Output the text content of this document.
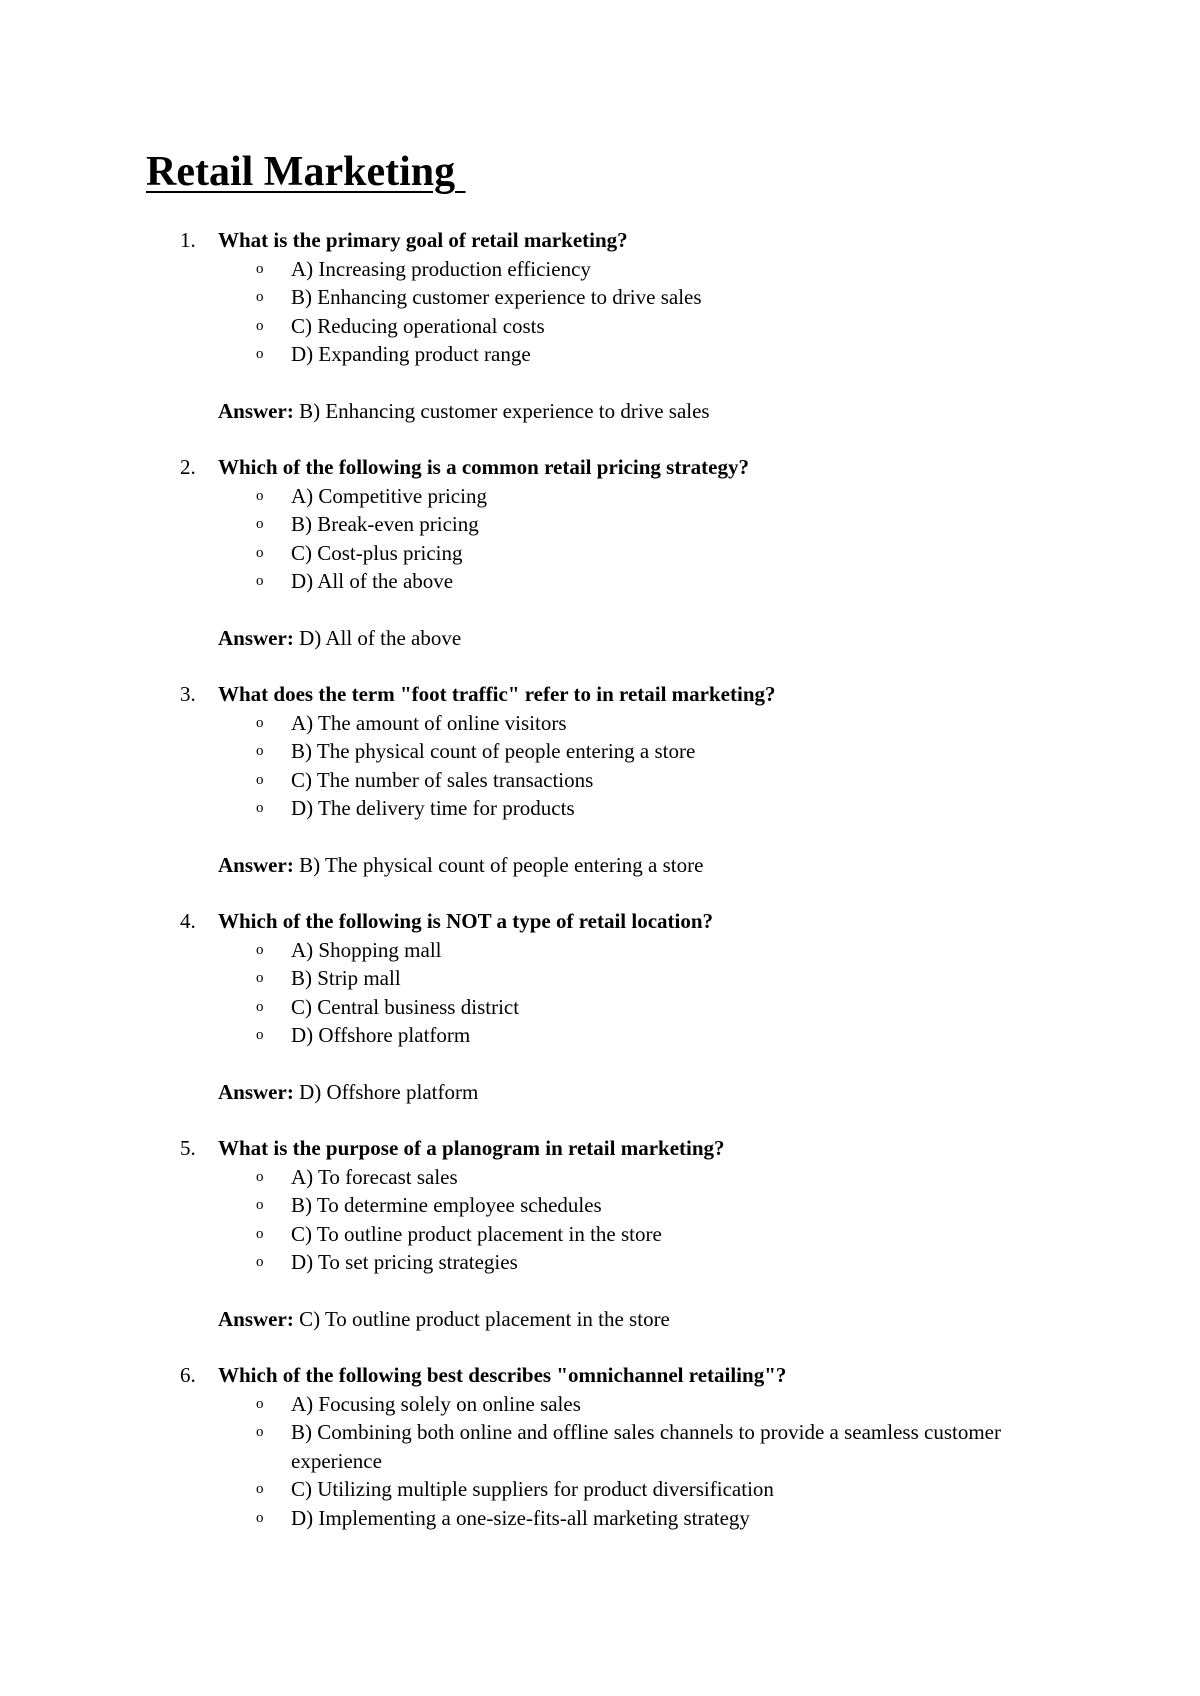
Retail Marketing
1. What is the primary goal of retail marketing?
o A) Increasing production efficiency
o B) Enhancing customer experience to drive sales
o C) Reducing operational costs
o D) Expanding product range
Answer: B) Enhancing customer experience to drive sales
2. Which of the following is a common retail pricing strategy?
o A) Competitive pricing
o B) Break-even pricing
o C) Cost-plus pricing
o D) All of the above
Answer: D) All of the above
3. What does the term "foot traffic" refer to in retail marketing?
o A) The amount of online visitors
o B) The physical count of people entering a store
o C) The number of sales transactions
o D) The delivery time for products
Answer: B) The physical count of people entering a store
4. Which of the following is NOT a type of retail location?
o A) Shopping mall
o B) Strip mall
o C) Central business district
o D) Offshore platform
Answer: D) Offshore platform
5. What is the purpose of a planogram in retail marketing?
o A) To forecast sales
o B) To determine employee schedules
o C) To outline product placement in the store
o D) To set pricing strategies
Answer: C) To outline product placement in the store
6. Which of the following best describes "omnichannel retailing"?
o A) Focusing solely on online sales
o B) Combining both online and offline sales channels to provide a seamless customer experience
o C) Utilizing multiple suppliers for product diversification
o D) Implementing a one-size-fits-all marketing strategy
